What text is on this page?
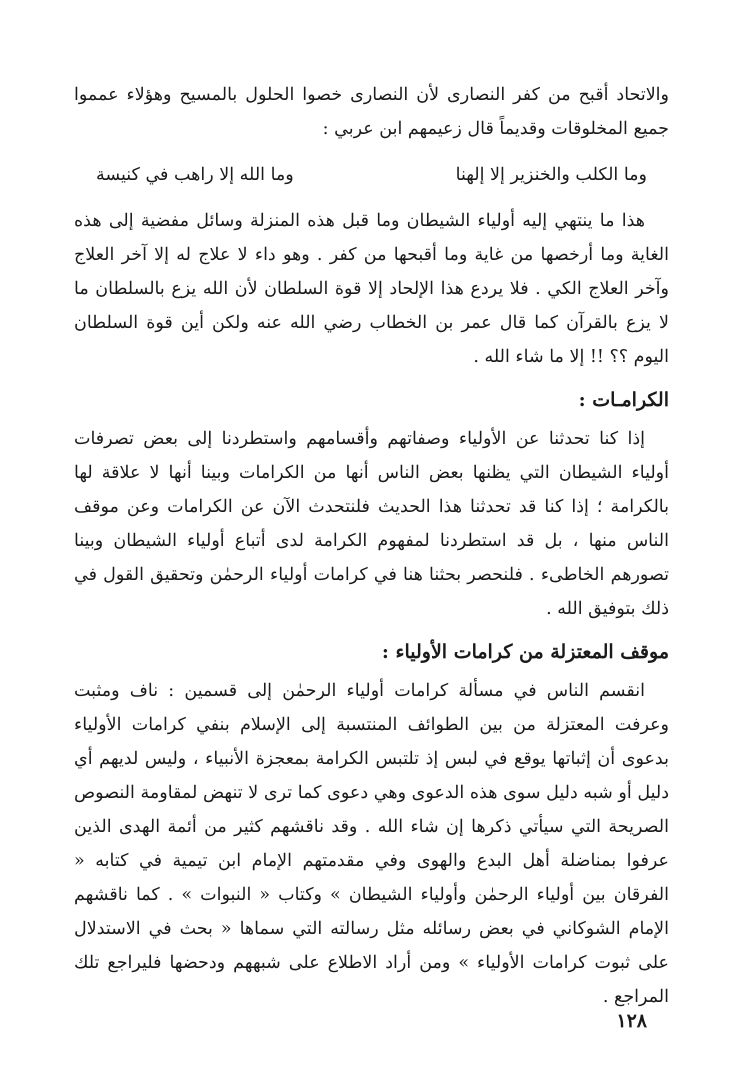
والاتحاد أقبح من كفر النصارى لأن النصارى خصوا الحلول بالمسيح وهؤلاء عمموا جميع المخلوقات وقديماً قال زعيمهم ابن عربي :

وما الكلب والخنزير إلا إلهنا
وما الله إلا راهب في كنيسة

هذا ما ينتهي إليه أولياء الشيطان وما قبل هذه المنزلة وسائل مفضية إلى هذه الغاية وما أرخصها من غاية وما أقبحها من كفر . وهو داء لا علاج له إلا آخر العلاج وآخر العلاج الكي . فلا يردع هذا الإلحاد إلا قوة السلطان لأن الله يزع بالسلطان ما لا يزع بالقرآن كما قال عمر بن الخطاب رضي الله عنه ولكن أين قوة السلطان اليوم ؟؟ !! إلا ما شاء الله .

الكرامـات :

إذا كنا تحدثنا عن الأولياء وصفاتهم وأقسامهم واستطردنا إلى بعض تصرفات أولياء الشيطان التي يظنها بعض الناس أنها من الكرامات وبينا أنها لا علاقة لها بالكرامة ؛ إذا كنا قد تحدثنا هذا الحديث فلنتحدث الآن عن الكرامات وعن موقف الناس منها ، بل قد استطردنا لمفهوم الكرامة لدى أتباع أولياء الشيطان وبينا تصورهم الخاطىء . فلنحصر بحثنا هنا في كرامات أولياء الرحمٰن وتحقيق القول في ذلك بتوفيق الله .

موقف المعتزلة من كرامات الأولياء :

انقسم الناس في مسألة كرامات أولياء الرحمٰن إلى قسمين : ناف ومثبت وعرفت المعتزلة من بين الطوائف المنتسبة إلى الإسلام بنفي كرامات الأولياء بدعوى أن إثباتها يوقع في لبس إذ تلتبس الكرامة بمعجزة الأنبياء ، وليس لديهم أي دليل أو شبه دليل سوى هذه الدعوى وهي دعوى كما ترى لا تنهض لمقاومة النصوص الصريحة التي سيأتي ذكرها إن شاء الله . وقد ناقشهم كثير من أئمة الهدى الذين عرفوا بمناضلة أهل البدع والهوى وفي مقدمتهم الإمام ابن تيمية في كتابه « الفرقان بين أولياء الرحمٰن وأولياء الشيطان » وكتاب « النبوات » . كما ناقشهم الإمام الشوكاني في بعض رسائله مثل رسالته التي سماها « بحث في الاستدلال على ثبوت كرامات الأولياء » ومن أراد الاطلاع على شبههم ودحضها فليراجع تلك المراجع .

١٢٨
